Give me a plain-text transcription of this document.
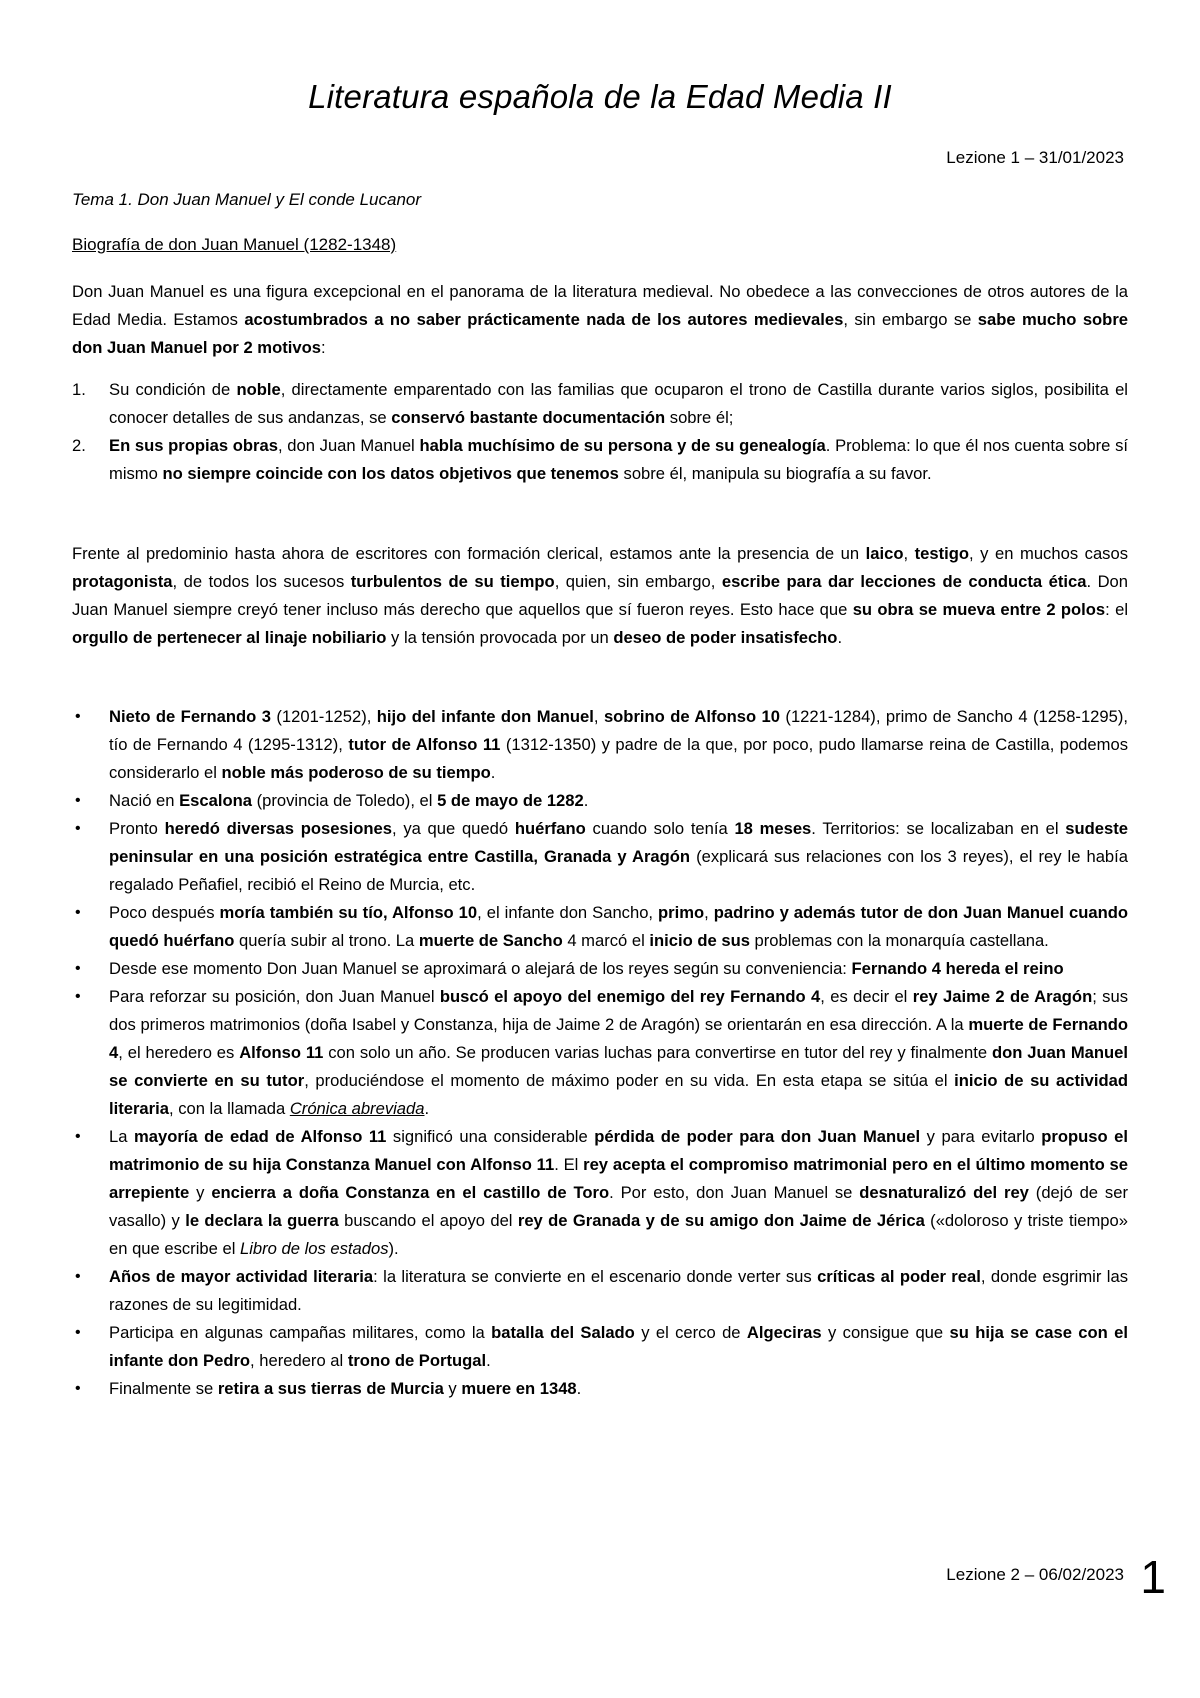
Literatura española de la Edad Media II
Lezione 1 – 31/01/2023
Tema 1. Don Juan Manuel y El conde Lucanor
Biografía de don Juan Manuel (1282-1348)
Don Juan Manuel es una figura excepcional en el panorama de la literatura medieval. No obedece a las convecciones de otros autores de la Edad Media. Estamos acostumbrados a no saber prácticamente nada de los autores medievales, sin embargo se sabe mucho sobre don Juan Manuel por 2 motivos:
1. Su condición de noble, directamente emparentado con las familias que ocuparon el trono de Castilla durante varios siglos, posibilita el conocer detalles de sus andanzas, se conservó bastante documentación sobre él;
2. En sus propias obras, don Juan Manuel habla muchísimo de su persona y de su genealogía. Problema: lo que él nos cuenta sobre sí mismo no siempre coincide con los datos objetivos que tenemos sobre él, manipula su biografía a su favor.
Frente al predominio hasta ahora de escritores con formación clerical, estamos ante la presencia de un laico, testigo, y en muchos casos protagonista, de todos los sucesos turbulentos de su tiempo, quien, sin embargo, escribe para dar lecciones de conducta ética. Don Juan Manuel siempre creyó tener incluso más derecho que aquellos que sí fueron reyes. Esto hace que su obra se mueva entre 2 polos: el orgullo de pertenecer al linaje nobiliario y la tensión provocada por un deseo de poder insatisfecho.
• Nieto de Fernando 3 (1201-1252), hijo del infante don Manuel, sobrino de Alfonso 10 (1221-1284), primo de Sancho 4 (1258-1295), tío de Fernando 4 (1295-1312), tutor de Alfonso 11 (1312-1350) y padre de la que, por poco, pudo llamarse reina de Castilla, podemos considerarlo el noble más poderoso de su tiempo.
• Nació en Escalona (provincia de Toledo), el 5 de mayo de 1282.
• Pronto heredó diversas posesiones, ya que quedó huérfano cuando solo tenía 18 meses. Territorios: se localizaban en el sudeste peninsular en una posición estratégica entre Castilla, Granada y Aragón (explicará sus relaciones con los 3 reyes), el rey le había regalado Peñafiel, recibió el Reino de Murcia, etc.
• Poco después moría también su tío, Alfonso 10, el infante don Sancho, primo, padrino y además tutor de don Juan Manuel cuando quedó huérfano quería subir al trono. La muerte de Sancho 4 marcó el inicio de sus problemas con la monarquía castellana.
• Desde ese momento Don Juan Manuel se aproximará o alejará de los reyes según su conveniencia: Fernando 4 hereda el reino
• Para reforzar su posición, don Juan Manuel buscó el apoyo del enemigo del rey Fernando 4, es decir el rey Jaime 2 de Aragón; sus dos primeros matrimonios (doña Isabel y Constanza, hija de Jaime 2 de Aragón) se orientarán en esa dirección. A la muerte de Fernando 4, el heredero es Alfonso 11 con solo un año. Se producen varias luchas para convertirse en tutor del rey y finalmente don Juan Manuel se convierte en su tutor, produciéndose el momento de máximo poder en su vida. En esta etapa se sitúa el inicio de su actividad literaria, con la llamada Crónica abreviada.
• La mayoría de edad de Alfonso 11 significó una considerable pérdida de poder para don Juan Manuel y para evitarlo propuso el matrimonio de su hija Constanza Manuel con Alfonso 11. El rey acepta el compromiso matrimonial pero en el último momento se arrepiente y encierra a doña Constanza en el castillo de Toro. Por esto, don Juan Manuel se desnaturalizó del rey (dejó de ser vasallo) y le declara la guerra buscando el apoyo del rey de Granada y de su amigo don Jaime de Jérica («doloroso y triste tiempo» en que escribe el Libro de los estados).
• Años de mayor actividad literaria: la literatura se convierte en el escenario donde verter sus críticas al poder real, donde esgrimir las razones de su legitimidad.
• Participa en algunas campañas militares, como la batalla del Salado y el cerco de Algeciras y consigue que su hija se case con el infante don Pedro, heredero al trono de Portugal.
• Finalmente se retira a sus tierras de Murcia y muere en 1348.
Lezione 2 – 06/02/2023 1
